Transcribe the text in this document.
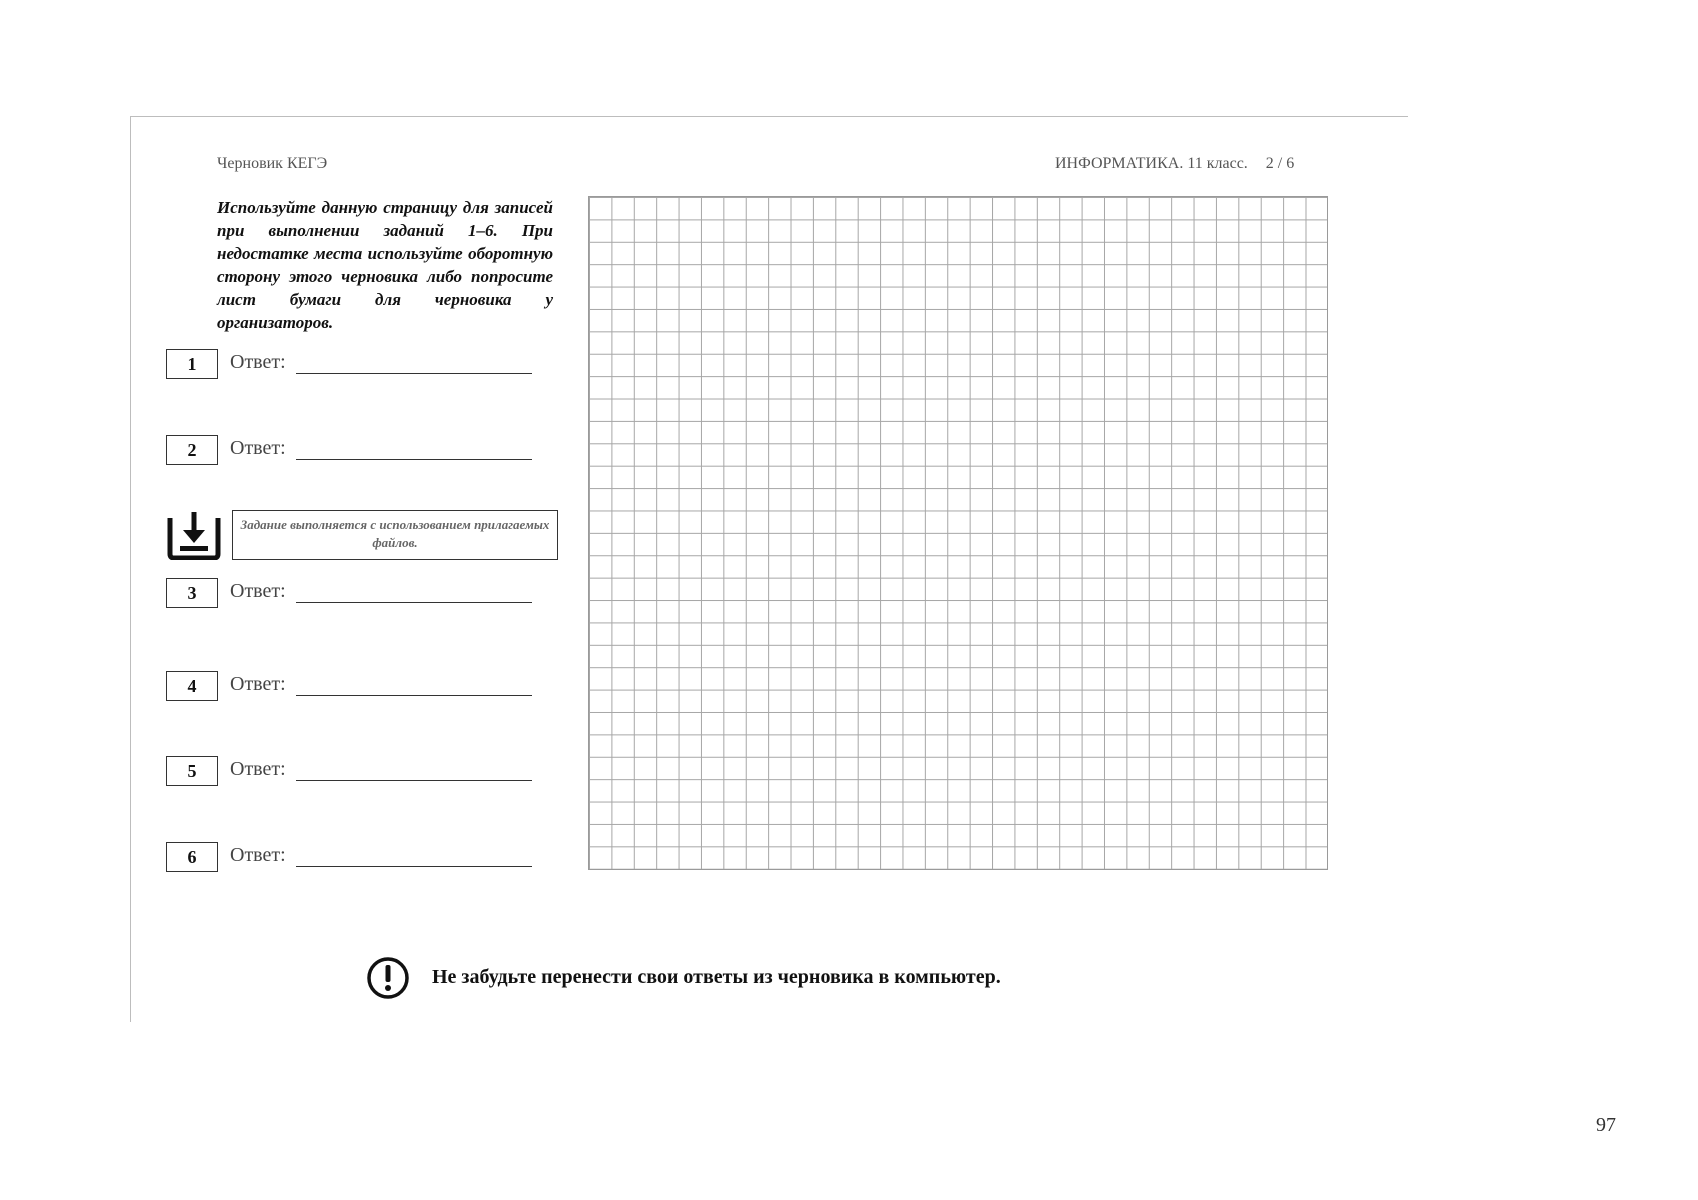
Черновик КЕГЭ	ИНФОРМАТИКА. 11 класс. 2 / 6
Используйте данную страницу для записей при выполнении заданий 1–6. При недостатке места используйте оборотную сторону этого черновика либо попросите лист бумаги для черновика у организаторов.
1	Ответ:
2	Ответ:
Задание выполняется с использованием прилагаемых файлов.
3	Ответ:
4	Ответ:
5	Ответ:
6	Ответ:
Не забудьте перенести свои ответы из черновика в компьютер.
97
